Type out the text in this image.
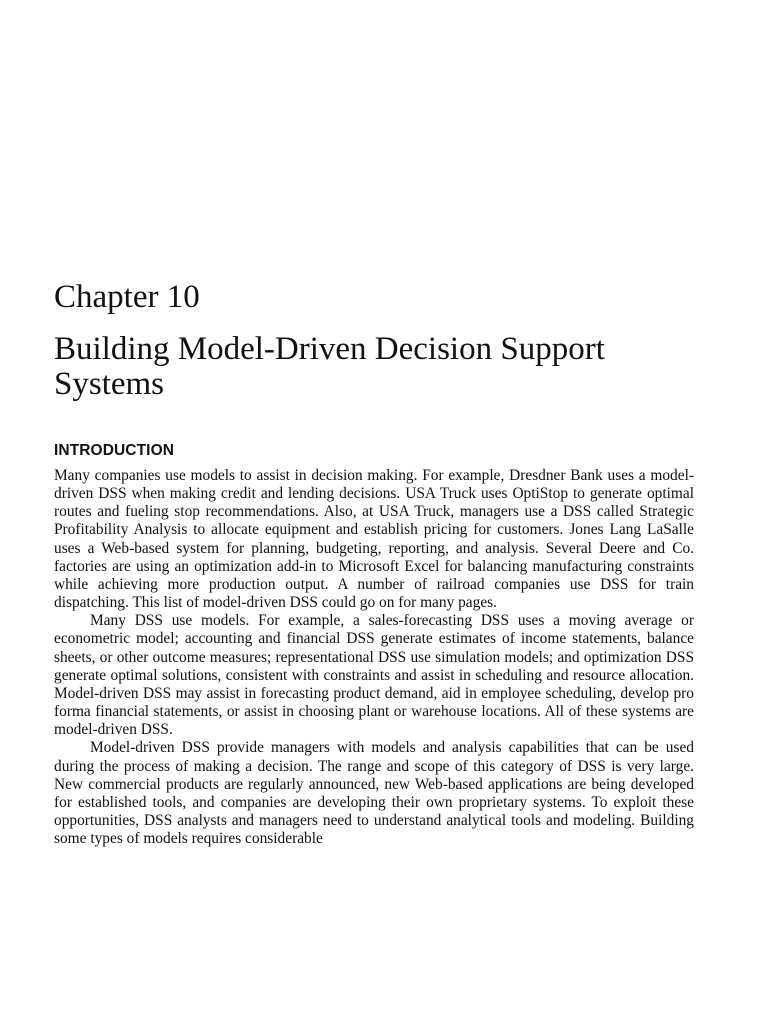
Chapter 10
Building Model-Driven Decision Support Systems
INTRODUCTION

Many companies use models to assist in decision making. For example, Dresdner Bank uses a model-driven DSS when making credit and lending decisions. USA Truck uses OptiStop to generate optimal routes and fueling stop recommendations. Also, at USA Truck, managers use a DSS called Strategic Profitability Analysis to allocate equipment and establish pricing for customers. Jones Lang LaSalle uses a Web-based system for planning, budgeting, reporting, and analysis. Several Deere and Co. factories are using an optimization add-in to Microsoft Excel for balancing manufacturing constraints while achieving more production output. A number of railroad companies use DSS for train dispatching. This list of model-driven DSS could go on for many pages.

Many DSS use models. For example, a sales-forecasting DSS uses a moving average or econometric model; accounting and financial DSS generate estimates of income statements, balance sheets, or other outcome measures; representational DSS use simulation models; and optimization DSS generate optimal solutions, consistent with constraints and assist in scheduling and resource allocation. Model-driven DSS may assist in forecasting product demand, aid in employee scheduling, develop pro forma financial statements, or assist in choosing plant or warehouse locations. All of these systems are model-driven DSS.

Model-driven DSS provide managers with models and analysis capabilities that can be used during the process of making a decision. The range and scope of this category of DSS is very large. New commercial products are regularly announced, new Web-based applications are being developed for established tools, and companies are developing their own proprietary systems. To exploit these opportunities, DSS analysts and managers need to understand analytical tools and modeling. Building some types of models requires considerable
